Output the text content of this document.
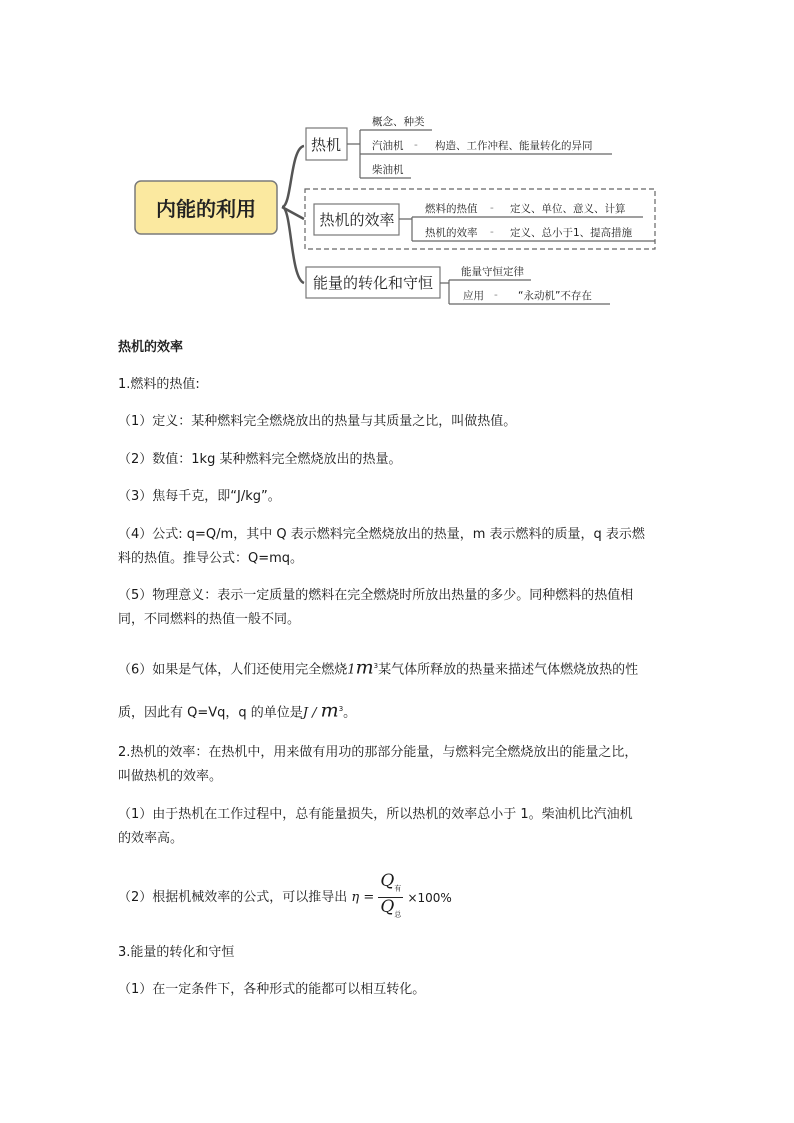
内能的利用
热机
概念、种类
汽油机 - 构造、工作冲程、能量转化的异同
柴油机
热机的效率
燃料的热值 - 定义、单位、意义、计算
热机的效率 - 定义、总小于1、提高措施
能量的转化和守恒
能量守恒定律
应用 - “永动机”不存在

热机的效率

1.燃料的热值:

（1）定义：某种燃料完全燃烧放出的热量与其质量之比，叫做热值。

（2）数值：1kg 某种燃料完全燃烧放出的热量。

（3）焦每千克，即“J/kg”。

（4）公式: q=Q/m，其中 Q 表示燃料完全燃烧放出的热量，m 表示燃料的质量，q 表示燃
料的热值。推导公式：Q=mq。

（5）物理意义：表示一定质量的燃料在完全燃烧时所放出热量的多少。同种燃料的热值相
同，不同燃料的热值一般不同。

（6）如果是气体，人们还使用完全燃烧$1m^3$某气体所释放的热量来描述气体燃烧放热的性

质，因此有 Q=Vq，q 的单位是J / $m^3$。

2.热机的效率：在热机中，用来做有用功的那部分能量，与燃料完全燃烧放出的能量之比，
叫做热机的效率。

（1）由于热机在工作过程中，总有能量损失，所以热机的效率总小于 1。柴油机比汽油机
的效率高。

（2）根据机械效率的公式，可以推导出 $\eta = \frac{Q_有}{Q_总} \times 100\%$

3.能量的转化和守恒

（1）在一定条件下，各种形式的能都可以相互转化。
